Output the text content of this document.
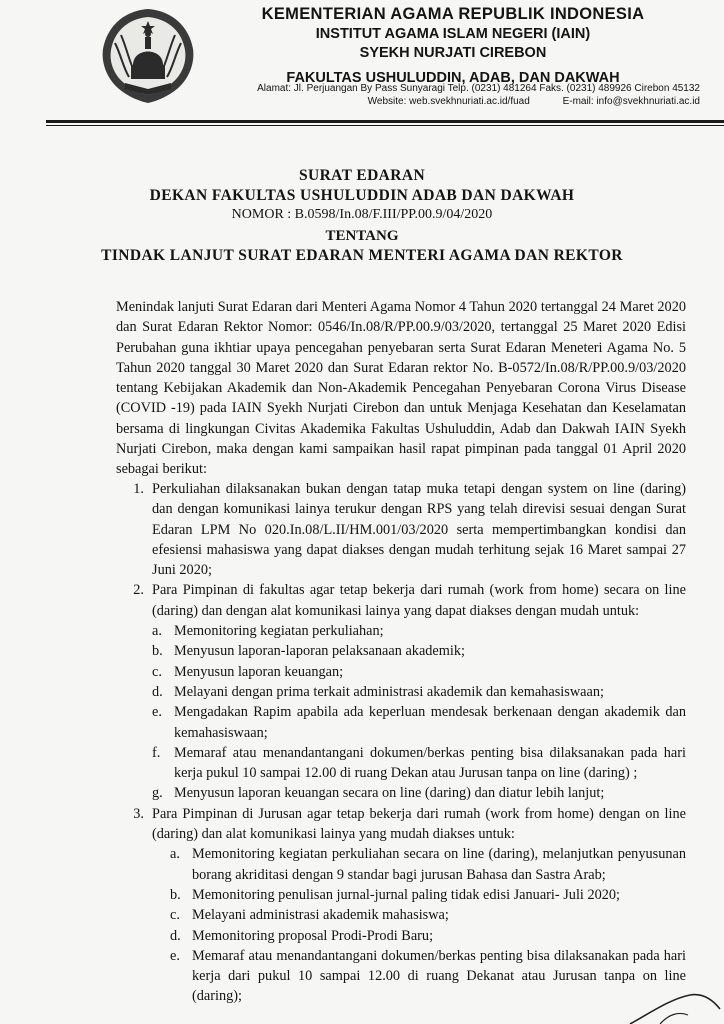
KEMENTERIAN AGAMA REPUBLIK INDONESIA
INSTITUT AGAMA ISLAM NEGERI (IAIN)
SYEKH NURJATI CIREBON
FAKULTAS USHULUDDIN, ADAB, DAN DAKWAH
Alamat: Jl. Perjuangan By Pass Sunyaragi Telp. (0231) 481264 Faks. (0231) 489926 Cirebon 45132
Website: web.svekhnuriati.ac.id/fuad	E-mail: info@svekhnuriati.ac.id
SURAT EDARAN
DEKAN FAKULTAS USHULUDDIN ADAB DAN DAKWAH
NOMOR : B.0598/In.08/F.III/PP.00.9/04/2020
TENTANG
TINDAK LANJUT SURAT EDARAN MENTERI AGAMA DAN REKTOR
Menindak lanjuti Surat Edaran dari Menteri Agama Nomor 4 Tahun 2020 tertanggal 24 Maret 2020 dan Surat Edaran Rektor Nomor: 0546/In.08/R/PP.00.9/03/2020, tertanggal 25 Maret 2020 Edisi Perubahan guna ikhtiar upaya pencegahan penyebaran serta Surat Edaran Meneteri Agama No. 5 Tahun 2020 tanggal 30 Maret 2020 dan Surat Edaran rektor No. B-0572/In.08/R/PP.00.9/03/2020 tentang Kebijakan Akademik dan Non-Akademik Pencegahan Penyebaran Corona Virus Disease (COVID -19) pada IAIN Syekh Nurjati Cirebon dan untuk Menjaga Kesehatan dan Keselamatan bersama di lingkungan Civitas Akademika Fakultas Ushuluddin, Adab dan Dakwah IAIN Syekh Nurjati Cirebon, maka dengan kami sampaikan hasil rapat pimpinan pada tanggal 01 April 2020 sebagai berikut:
1. Perkuliahan dilaksanakan bukan dengan tatap muka tetapi dengan system on line (daring) dan dengan komunikasi lainya terukur dengan RPS yang telah direvisi sesuai dengan Surat Edaran LPM No 020.In.08/L.II/HM.001/03/2020 serta mempertimbangkan kondisi dan efesiensi mahasiswa yang dapat diakses dengan mudah terhitung sejak 16 Maret sampai 27 Juni 2020;
2. Para Pimpinan di fakultas agar tetap bekerja dari rumah (work from home) secara on line (daring) dan dengan alat komunikasi lainya yang dapat diakses dengan mudah untuk:
a. Memonitoring kegiatan perkuliahan;
b. Menyusun laporan-laporan pelaksanaan akademik;
c. Menyusun laporan keuangan;
d. Melayani dengan prima terkait administrasi akademik dan kemahasiswaan;
e. Mengadakan Rapim apabila ada keperluan mendesak berkenaan dengan akademik dan kemahasiswaan;
f. Memaraf atau menandantangani dokumen/berkas penting bisa dilaksanakan pada hari kerja pukul 10 sampai 12.00 di ruang Dekan atau Jurusan tanpa on line (daring) ;
g. Menyusun laporan keuangan secara on line (daring) dan diatur lebih lanjut;
3. Para Pimpinan di Jurusan agar tetap bekerja dari rumah (work from home) dengan on line (daring) dan alat komunikasi lainya yang mudah diakses untuk:
a. Memonitoring kegiatan perkuliahan secara on line (daring), melanjutkan penyusunan borang akriditasi dengan 9 standar bagi jurusan Bahasa dan Sastra Arab;
b. Memonitoring penulisan jurnal-jurnal paling tidak edisi Januari- Juli 2020;
c. Melayani administrasi akademik mahasiswa;
d. Memonitoring proposal Prodi-Prodi Baru;
e. Memaraf atau menandantangani dokumen/berkas penting bisa dilaksanakan pada hari kerja dari pukul 10 sampai 12.00 di ruang Dekanat atau Jurusan tanpa on line (daring);
